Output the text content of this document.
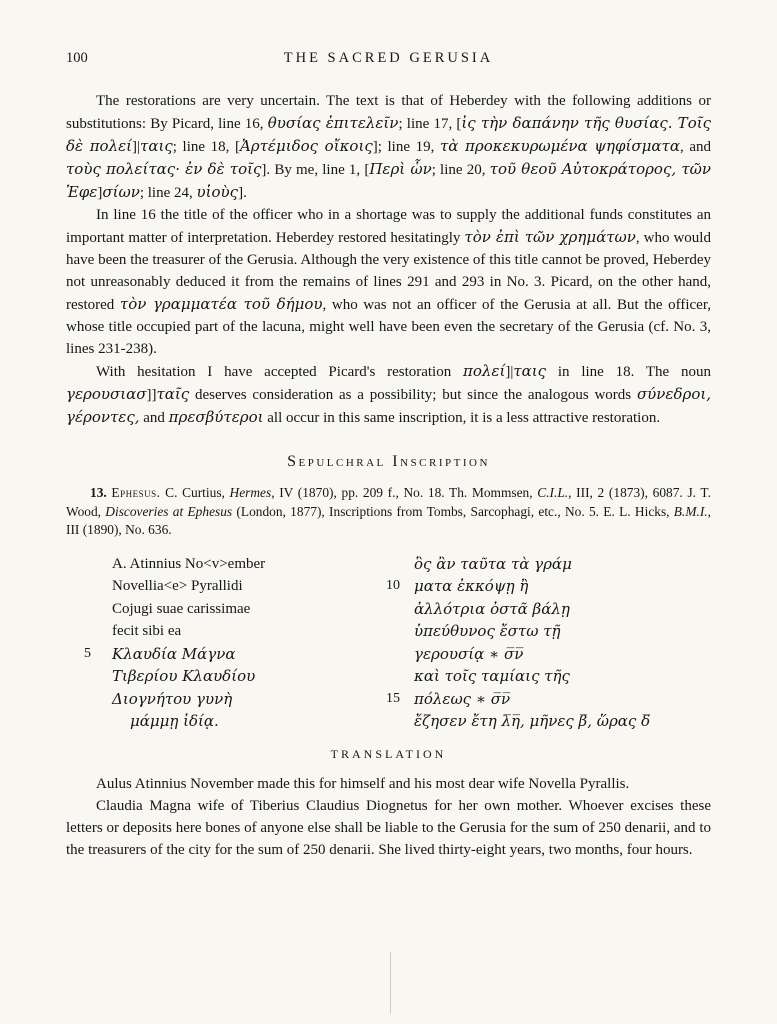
100	THE SACRED GERUSIA

The restorations are very uncertain. The text is that of Heberdey with the following additions or substitutions: By Picard, line 16, θυσίας ἐπιτελεῖν; line 17, [ἰς τὴν δαπάνην τῆς θυσίας. Τοῖς δὲ πολεί]|ταις; line 18, [Ἀρτέμιδος οἴκοις]; line 19, τὰ προκεκυρωμένα ψηφίσματα, and τοὺς πολείτας· ἐν δὲ τοῖς]. By me, line 1, [Περὶ ὧν; line 20, τοῦ θεοῦ Αὐτοκράτορος, τῶν Ἐφε]σίων; line 24, υἱοὺς].

In line 16 the title of the officer who in a shortage was to supply the additional funds constitutes an important matter of interpretation. Heberdey restored hesitatingly τὸν ἐπὶ τῶν χρημάτων, who would have been the treasurer of the Gerusia. Although the very existence of this title cannot be proved, Heberdey not unreasonably deduced it from the remains of lines 291 and 293 in No. 3. Picard, on the other hand, restored τὸν γραμματέα τοῦ δήμου, who was not an officer of the Gerusia at all. But the officer, whose title occupied part of the lacuna, might well have been even the secretary of the Gerusia (cf. No. 3, lines 231-238).

With hesitation I have accepted Picard's restoration πολεί]|ταις in line 18. The noun γερουσιασ]]ταῖς deserves consideration as a possibility; but since the analogous words σύνεδροι, γέροντες, and πρεσβύτεροι all occur in this same inscription, it is a less attractive restoration.

Sepulchral Inscription

13. Ephesus. C. Curtius, Hermes, IV (1870), pp. 209 f., No. 18. Th. Mommsen, C.I.L., III, 2 (1873), 6087. J. T. Wood, Discoveries at Ephesus (London, 1877), Inscriptions from Tombs, Sarcophagi, etc., No. 5. E. L. Hicks, B.M.I., III (1890), No. 636.

A. Atinnius No<v>ember
Novellia<e> Pyrallidi
Cojugi suae carissimae
fecit sibi ea
5	Κλαυδία Μάγνα
Τιβερίου Κλαυδίου
Διογνήτου γυνὴ
μάμμῃ ἰδίᾳ.
ὃς ἂν ταῦτα τὰ γράμ
10 ματα ἐκκόψῃ ἢ
ἀλλότρια ὀστᾶ βάλῃ
ὑπεύθυνος ἔστω τῇ
γερουσίᾳ ∗ σ̅ν̅
καὶ τοῖς ταμίαις τῆς
15 πόλεως ∗ σ̅ν̅
ἔζησεν ἔτη λ̅η̅, μῆνες β̅, ὥρας δ̅
TRANSLATION

Aulus Atinnius November made this for himself and his most dear wife Novella Pyrallis.

Claudia Magna wife of Tiberius Claudius Diognetus for her own mother. Whoever excises these letters or deposits here bones of anyone else shall be liable to the Gerusia for the sum of 250 denarii, and to the treasurers of the city for the sum of 250 denarii. She lived thirty-eight years, two months, four hours.
